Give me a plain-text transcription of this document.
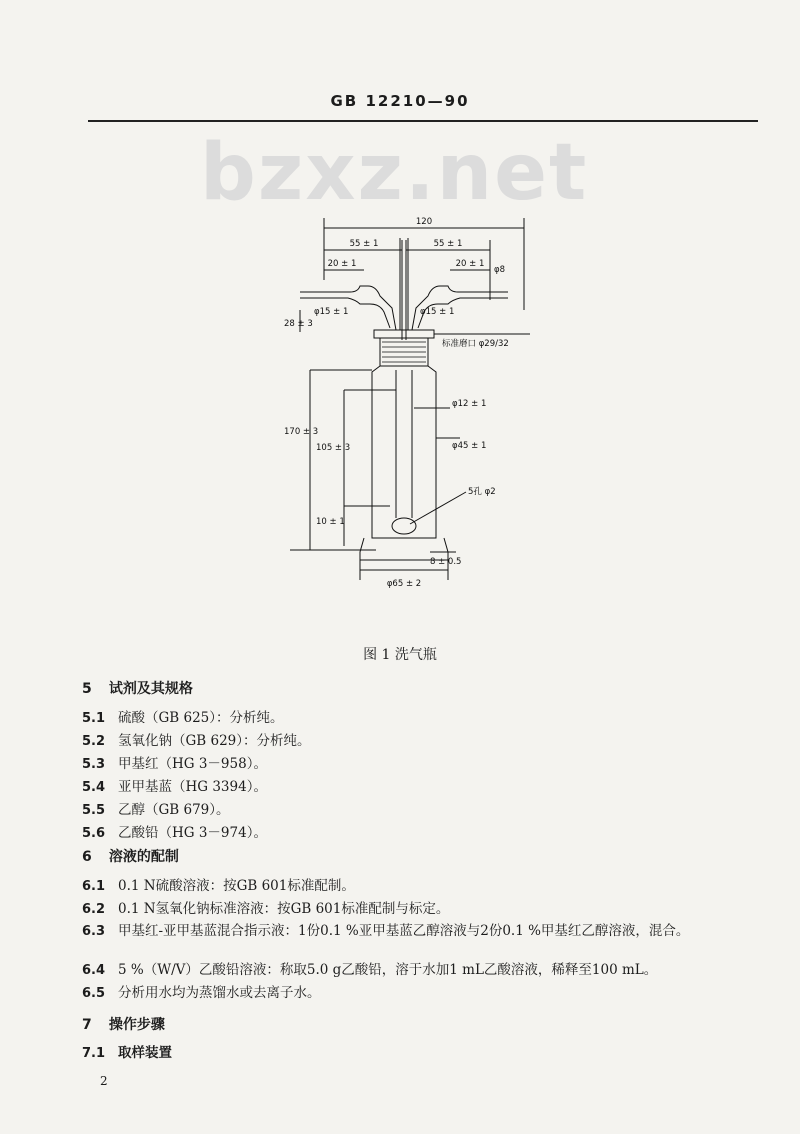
GB 12210—90
bzxz.net
120
55 ± 1	55 ± 1
20 ± 1	20 ± 1
φ8
φ15 ± 1	φ15 ± 1
28 ± 3
标准磨口 φ29/32
φ12 ± 1
170 ± 3
105 ± 3	φ45 ± 1
5孔 φ2
10 ± 1
8 ± 0.5
φ65 ± 2
图 1 洗气瓶
5 试剂及其规格
5.1 硫酸（GB 625）：分析纯。
5.2 氢氧化钠（GB 629）：分析纯。
5.3 甲基红（HG 3－958）。
5.4 亚甲基蓝（HG 3394）。
5.5 乙醇（GB 679）。
5.6 乙酸铅（HG 3－974）。
6 溶液的配制
6.1 0.1 N硫酸溶液：按GB 601标准配制。
6.2 0.1 N氢氧化钠标准溶液：按GB 601标准配制与标定。
6.3 甲基红-亚甲基蓝混合指示液：1份0.1 %亚甲基蓝乙醇溶液与2份0.1 %甲基红乙醇溶液，混合。
6.4 5 %（W/V）乙酸铅溶液：称取5.0 g乙酸铅，溶于水加1 mL乙酸溶液，稀释至100 mL。
6.5 分析用水均为蒸馏水或去离子水。
7 操作步骤
7.1 取样装置
2
